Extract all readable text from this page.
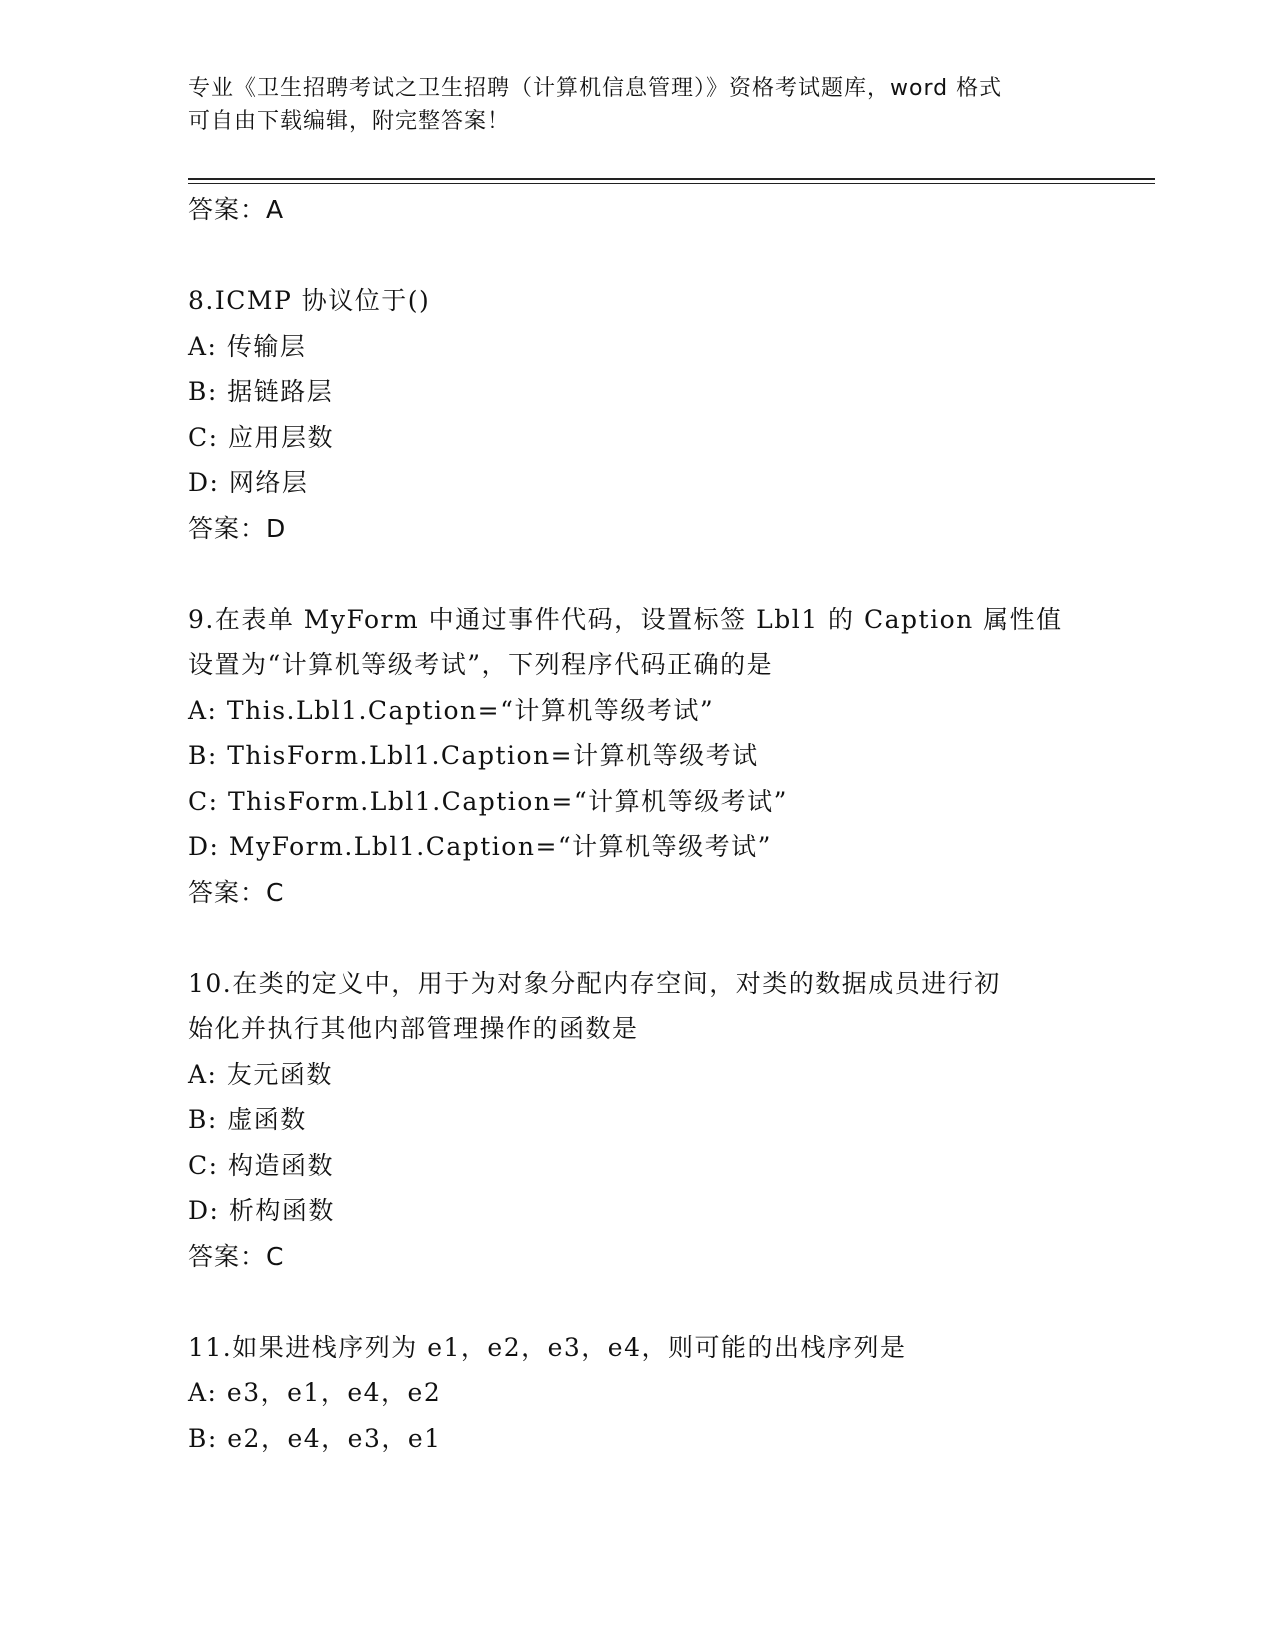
专业《卫生招聘考试之卫生招聘（计算机信息管理）》资格考试题库，word 格式
可自由下载编辑，附完整答案！
答案：A
8.ICMP 协议位于()
A: 传输层
B: 据链路层
C: 应用层数
D: 网络层
答案：D
9.在表单 MyForm 中通过事件代码，设置标签 Lbl1 的 Caption 属性值
设置为“计算机等级考试”，下列程序代码正确的是
A: This.Lbl1.Caption=“计算机等级考试”
B: ThisForm.Lbl1.Caption=计算机等级考试
C: ThisForm.Lbl1.Caption=“计算机等级考试”
D: MyForm.Lbl1.Caption=“计算机等级考试”
答案：C
10.在类的定义中，用于为对象分配内存空间，对类的数据成员进行初
始化并执行其他内部管理操作的函数是
A: 友元函数
B: 虚函数
C: 构造函数
D: 析构函数
答案：C
11.如果进栈序列为 e1，e2，e3，e4，则可能的出栈序列是
A: e3，e1，e4，e2
B: e2，e4，e3，e1
